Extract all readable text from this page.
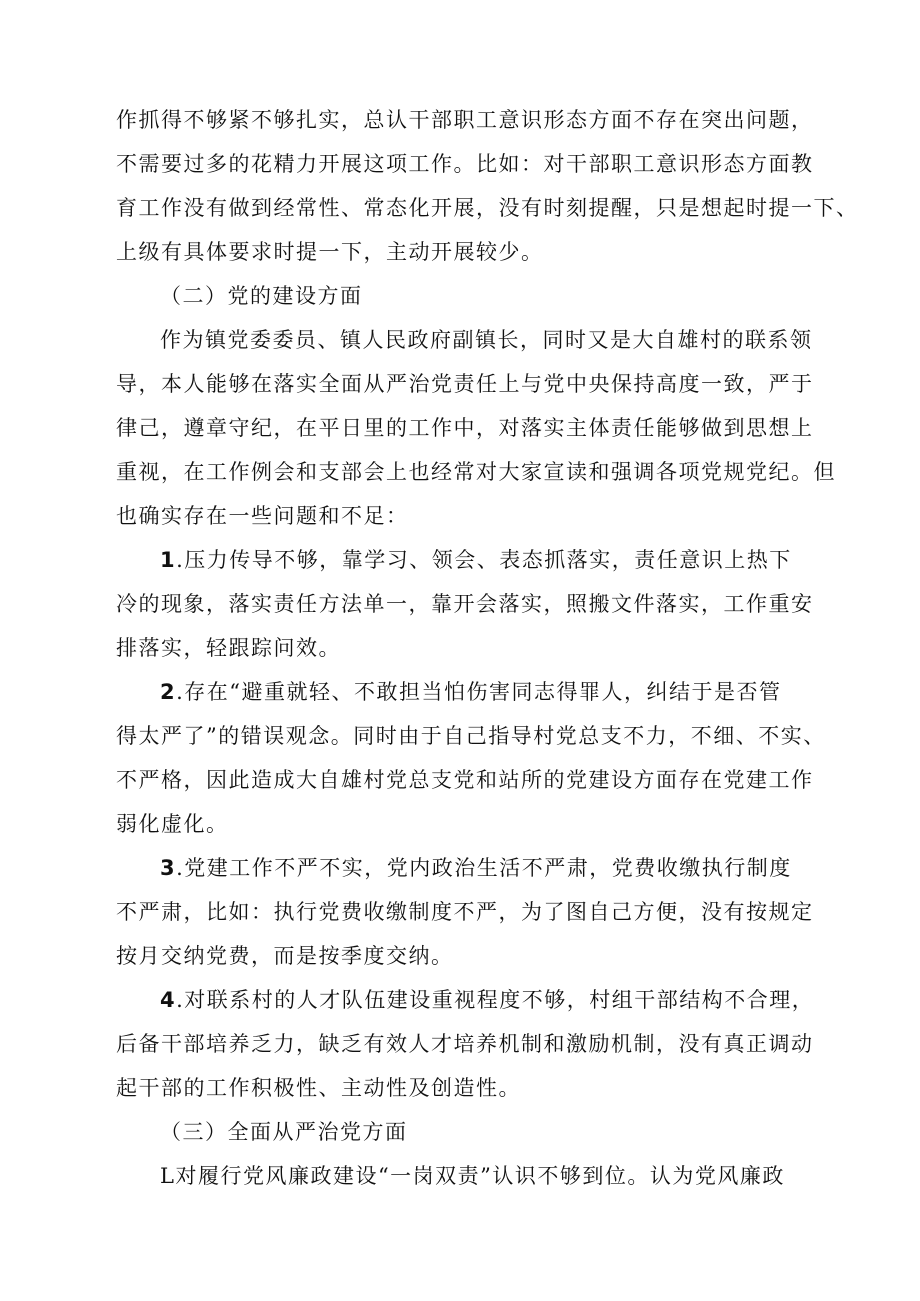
作抓得不够紧不够扎实，总认干部职工意识形态方面不存在突出问题，
不需要过多的花精力开展这项工作。比如：对干部职工意识形态方面教
育工作没有做到经常性、常态化开展，没有时刻提醒，只是想起时提一下、
上级有具体要求时提一下，主动开展较少。
（二）党的建设方面
作为镇党委委员、镇人民政府副镇长，同时又是大自雄村的联系领
导，本人能够在落实全面从严治党责任上与党中央保持高度一致，严于
律己，遵章守纪，在平日里的工作中，对落实主体责任能够做到思想上
重视，在工作例会和支部会上也经常对大家宣读和强调各项党规党纪。但
也确实存在一些问题和不足：
1.压力传导不够，靠学习、领会、表态抓落实，责任意识上热下
冷的现象，落实责任方法单一，靠开会落实，照搬文件落实，工作重安
排落实，轻跟踪问效。
2.存在“避重就轻、不敢担当怕伤害同志得罪人，纠结于是否管
得太严了”的错误观念。同时由于自己指导村党总支不力，不细、不实、
不严格，因此造成大自雄村党总支党和站所的党建设方面存在党建工作
弱化虚化。
3.党建工作不严不实，党内政治生活不严肃，党费收缴执行制度
不严肃，比如：执行党费收缴制度不严，为了图自己方便，没有按规定
按月交纳党费，而是按季度交纳。
4.对联系村的人才队伍建设重视程度不够，村组干部结构不合理，
后备干部培养乏力，缺乏有效人才培养机制和激励机制，没有真正调动
起干部的工作积极性、主动性及创造性。
（三）全面从严治党方面
L对履行党风廉政建设“一岗双责”认识不够到位。认为党风廉政
